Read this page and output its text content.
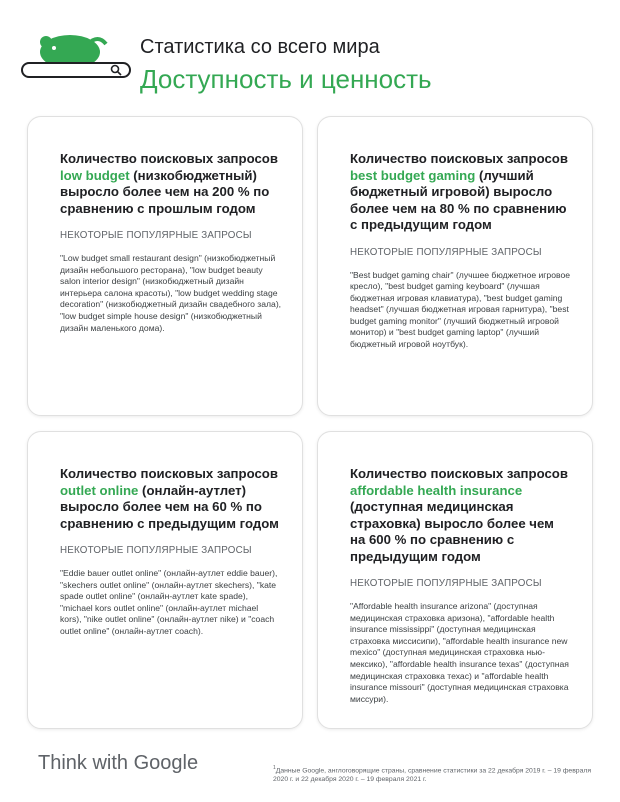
Статистика со всего мира
Доступность и ценность
Количество поисковых запросов low budget (низкобюджетный) выросло более чем на 200 % по сравнению с прошлым годом
НЕКОТОРЫЕ ПОПУЛЯРНЫЕ ЗАПРОСЫ
"Low budget small restaurant design" (низкобюджетный дизайн небольшого ресторана), "low budget beauty salon interior design" (низкобюджетный дизайн интерьера салона красоты), "low budget wedding stage decoration" (низкобюджетный дизайн свадебного зала), "low budget simple house design" (низкобюджетный дизайн маленького дома).
Количество поисковых запросов best budget gaming (лучший бюджетный игровой) выросло более чем на 80 % по сравнению с предыдущим годом
НЕКОТОРЫЕ ПОПУЛЯРНЫЕ ЗАПРОСЫ
"Best budget gaming chair" (лучшее бюджетное игровое кресло), "best budget gaming keyboard" (лучшая бюджетная игровая клавиатура), "best budget gaming headset" (лучшая бюджетная игровая гарнитура), "best budget gaming monitor" (лучший бюджетный игровой монитор) и "best budget gaming laptop" (лучший бюджетный игровой ноутбук).
Количество поисковых запросов outlet online (онлайн-аутлет) выросло более чем на 60 % по сравнению с предыдущим годом
НЕКОТОРЫЕ ПОПУЛЯРНЫЕ ЗАПРОСЫ
"Eddie bauer outlet online" (онлайн-аутлет eddie bauer), "skechers outlet online" (онлайн-аутлет skechers), "kate spade outlet online" (онлайн-аутлет kate spade), "michael kors outlet online" (онлайн-аутлет michael kors), "nike outlet online" (онлайн-аутлет nike) и "coach outlet online" (онлайн-аутлет coach).
Количество поисковых запросов affordable health insurance (доступная медицинская страховка) выросло более чем на 600 % по сравнению с предыдущим годом
НЕКОТОРЫЕ ПОПУЛЯРНЫЕ ЗАПРОСЫ
"Affordable health insurance arizona" (доступная медицинская страховка аризона), "affordable health insurance mississippi" (доступная медицинская страховка миссисипи), "affordable health insurance new mexico" (доступная медицинская страховка нью-мексико), "affordable health insurance texas" (доступная медицинская страховка техас) и "affordable health insurance missouri" (доступная медицинская страховка миссури).
Think with Google	$^1$Данные Google, англоговорящие страны, сравнение статистики за 22 декабря 2019 г. – 19 февраля 2020 г. и 22 декабря 2020 г. – 19 февраля 2021 г.
